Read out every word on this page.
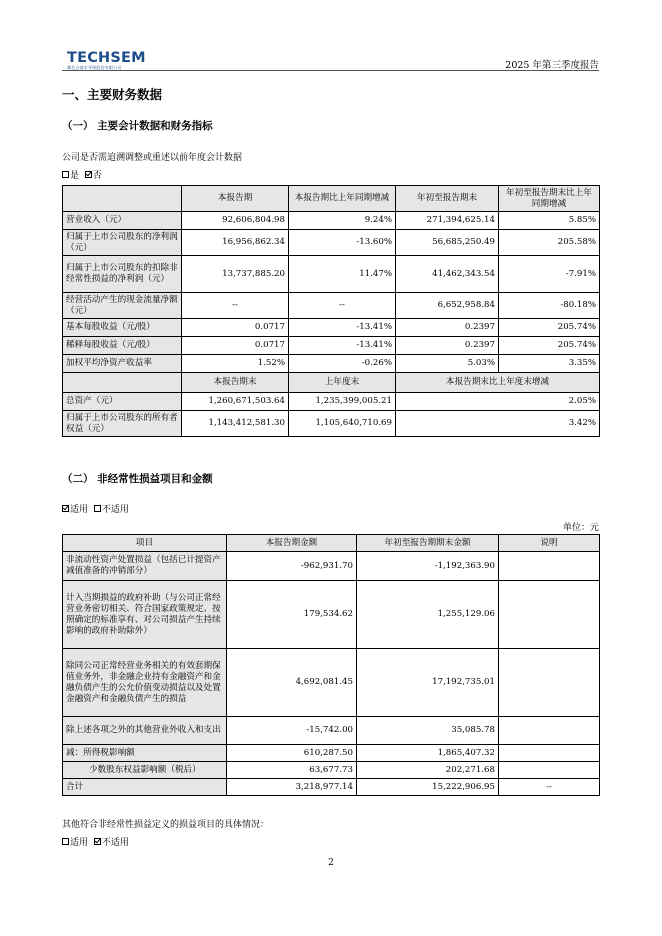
TECHSEM
湖北台基半导体股份有限公司	2025 年第三季度报告
一、主要财务数据
（一） 主要会计数据和财务指标
公司是否需追溯调整或重述以前年度会计数据
是 否
	本报告期	本报告期比上年同期增减	年初至报告期末	年初至报告期末比上年同期增减
营业收入（元）	92,606,804.98	9.24%	271,394,625.14	5.85%
归属于上市公司股东的净利润（元）	16,956,862.34	-13.60%	56,685,250.49	205.58%
归属于上市公司股东的扣除非经常性损益的净利润（元）	13,737,885.20	11.47%	41,462,343.54	-7.91%
经营活动产生的现金流量净额（元）	--	--	6,652,958.84	-80.18%
基本每股收益（元/股）	0.0717	-13.41%	0.2397	205.74%
稀释每股收益（元/股）	0.0717	-13.41%	0.2397	205.74%
加权平均净资产收益率	1.52%	-0.26%	5.03%	3.35%
	本报告期末	上年度末	本报告期末比上年度末增减	
总资产（元）	1,260,671,503.64	1,235,399,005.21	2.05%	
归属于上市公司股东的所有者权益（元）	1,143,412,581.30	1,105,640,710.69	3.42%	
（二） 非经常性损益项目和金额
适用 不适用
单位：元
项目	本报告期金额	年初至报告期期末金额	说明
非流动性资产处置损益（包括已计提资产减值准备的冲销部分）	-962,931.70	-1,192,363.90	
计入当期损益的政府补助（与公司正常经营业务密切相关、符合国家政策规定、按照确定的标准享有、对公司损益产生持续影响的政府补助除外）	179,534.62	1,255,129.06	
除同公司正常经营业务相关的有效套期保值业务外，非金融企业持有金融资产和金融负债产生的公允价值变动损益以及处置金融资产和金融负债产生的损益	4,692,081.45	17,192,735.01	
除上述各项之外的其他营业外收入和支出	-15,742.00	35,085.78	
减：所得税影响额	610,287.50	1,865,407.32	
少数股东权益影响额（税后）	63,677.73	202,271.68	
合计	3,218,977.14	15,222,906.95	--
其他符合非经常性损益定义的损益项目的具体情况：
适用 不适用
2
